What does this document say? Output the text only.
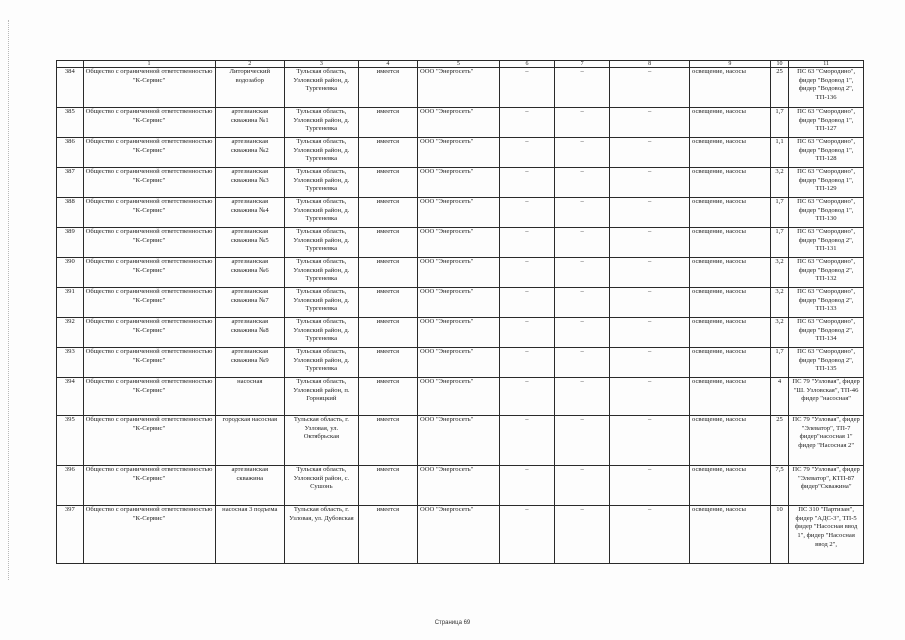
	1	2	3	4	5	6	7	8	9	10	11
384	Общество с ограниченной ответственностью "К-Сервис"	Литорический водозабор	Тульская область, Узловский район, д. Тургеневка	имеется	ООО "Энергосеть"	–	–	–	освещение, насосы	25	ПС 63 "Смородино", фидер "Водовод 1", фидер "Водовод 2", ТП-136
385	Общество с ограниченной ответственностью "К-Сервис"	артезианская скважина №1	Тульская область, Узловский район, д. Тургеневка	имеется	ООО "Энергосеть"	–	–	–	освещение, насосы	1,7	ПС 63 "Смородино", фидер "Водовод 1", ТП-127
386	Общество с ограниченной ответственностью "К-Сервис"	артезианская скважина №2	Тульская область, Узловский район, д. Тургеневка	имеется	ООО "Энергосеть"	–	–	–	освещение, насосы	1,1	ПС 63 "Смородино", фидер "Водовод 1", ТП-128
387	Общество с ограниченной ответственностью "К-Сервис"	артезианская скважина №3	Тульская область, Узловский район, д. Тургеневка	имеется	ООО "Энергосеть"	–	–	–	освещение, насосы	3,2	ПС 63 "Смородино", фидер "Водовод 1", ТП-129
388	Общество с ограниченной ответственностью "К-Сервис"	артезианская скважина №4	Тульская область, Узловский район, д. Тургеневка	имеется	ООО "Энергосеть"	–	–	–	освещение, насосы	1,7	ПС 63 "Смородино", фидер "Водовод 1", ТП-130
389	Общество с ограниченной ответственностью "К-Сервис"	артезианская скважина №5	Тульская область, Узловский район, д. Тургеневка	имеется	ООО "Энергосеть"	–	–	–	освещение, насосы	1,7	ПС 63 "Смородино", фидер "Водовод 2", ТП-131
390	Общество с ограниченной ответственностью "К-Сервис"	артезианская скважина №6	Тульская область, Узловский район, д. Тургеневка	имеется	ООО "Энергосеть"	–	–	–	освещение, насосы	3,2	ПС 63 "Смородино", фидер "Водовод 2", ТП-132
391	Общество с ограниченной ответственностью "К-Сервис"	артезианская скважина №7	Тульская область, Узловский район, д. Тургеневка	имеется	ООО "Энергосеть"	–	–	–	освещение, насосы	3,2	ПС 63 "Смородино", фидер "Водовод 2", ТП-133
392	Общество с ограниченной ответственностью "К-Сервис"	артезианская скважина №8	Тульская область, Узловский район, д. Тургеневка	имеется	ООО "Энергосеть"	–	–	–	освещение, насосы	3,2	ПС 63 "Смородино", фидер "Водовод 2", ТП-134
393	Общество с ограниченной ответственностью "К-Сервис"	артезианская скважина №9	Тульская область, Узловский район, д. Тургеневка	имеется	ООО "Энергосеть"	–	–	–	освещение, насосы	1,7	ПС 63 "Смородино", фидер "Водовод 2", ТП-135
394	Общество с ограниченной ответственностью "К-Сервис"	насосная	Тульская область, Узловский район, п. Горняцкий	имеется	ООО "Энергосеть"	–	–	–	освещение, насосы	4	ПС 79 "Узловая", фидер "Ш. Узловская", ТП-46 фидер "насосная"
395	Общество с ограниченной ответственностью "К-Сервис"	городская насосная	Тульская область, г. Узловая, ул. Октябрьская	имеется	ООО "Энергосеть"	–	–	–	освещение, насосы	25	ПС 79 "Узловая", фидер "Элеватор", ТП-7 фидер"насосная 1" фидер "Насосная 2"
396	Общество с ограниченной ответственностью "К-Сервис"	артезианская скважина	Тульская область, Узловский район, с. Сушонь	имеется	ООО "Энергосеть"	–	–	–	освещение, насосы	7,5	ПС 79 "Узловая", фидер "Элеватор", КТП-87 фидер"Скважина"
397	Общество с ограниченной ответственностью "К-Сервис"	насосная 3 подъема	Тульская область, г. Узловая, ул. Дубовская	имеется	ООО "Энергосеть"	–	–	–	освещение, насосы	10	ПС 310 "Партизан", фидер "АДС-3", ТП-5 фидер "Насосная ввод 1", фидер "Насосная ввод 2",
Страница 69
